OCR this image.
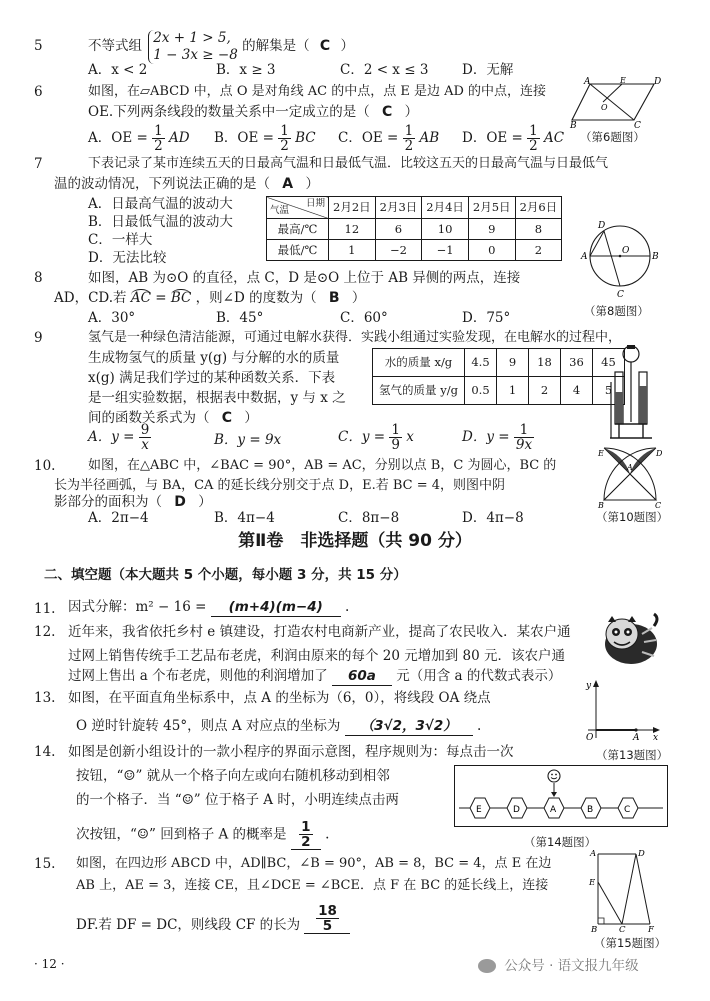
5	不等式组 2x + 1 > 5,
1 − 3x ≥ −8
的解集是（ C ）
A．x < 2	B．x ≥ 3	C．2 < x ≤ 3 D．无解
6	如图，在▱ABCD 中，点 O 是对角线 AC 的中点，点 E 是边 AD 的中点，连接
OE.下列两条线段的数量关系中一定成立的是（ C ）
A．OE = $\frac{1}{2}$ AD B．OE = $\frac{1}{2}$ BC C．OE = $\frac{1}{2}$ AB D．OE = $\frac{1}{2}$ AC
A	D
B	C
E
O
（第6题图）
7	下表记录了某市连续五天的日最高气温和日最低气温．比较这五天的日最高气温与日最低气
温的波动情况，下列说法正确的是（ A ）
A．日最高气温的波动大
B．日最低气温的波动大
C．一样大
D．无法比较
日期
气温	2月2日	2月3日	2月4日	2月5日	2月6日
最高/℃	12	6	10	9	8
最低/℃	1	−2	−1	0	2
D
A
O
B
C
8	如图，AB 为⊙O 的直径，点 C，D 是⊙O 上位于 AB 异侧的两点，连接
AD，CD.若 AC = BC ，则∠D 的度数为（ B ）
A．30°	B．45°	C．60°	D．75°	（第8题图）
9	氢气是一种绿色清洁能源，可通过电解水获得．实践小组通过实验发现，在电解水的过程中，
生成物氢气的质量 y(g) 与分解的水的质量
x(g) 满足我们学过的某种函数关系．下表
是一组实验数据，根据表中数据，y 与 x 之
间的函数关系式为（ C ）
水的质量 x/g	4.5	9	18	36	45
氢气的质量 y/g	0.5	1	2	4	5
A．$y = \frac{9}{x}$	B．y = 9x	C．$y = \frac{1}{9}$ x	D．$y = \frac{1}{9x}$
10.	如图，在△ABC 中，∠BAC = 90°，AB = AC，分别以点 B，C 为圆心，BC 的
长为半径画弧，与 BA，CA 的延长线分别交于点 D，E.若 BC = 4，则图中阴
影部分的面积为（ D ）
A．2π−4	B．4π−4	C．8π−8	D．4π−8
E	D
A
B	C
（第10题图）
第Ⅱ卷　非选择题（共 90 分）
二、填空题（本大题共 5 个小题，每小题 3 分，共 15 分）
11. 因式分解：m² − 16 = (m+4)(m−4) .
12. 近年来，我省依托乡村 e 镇建设，打造农村电商新产业，提高了农民收入．某农户通
过网上销售传统手工艺品布老虎，利润由原来的每个 20 元增加到 80 元．该农户通
过网上售出 a 个布老虎，则他的利润增加了 60a 元（用含 a 的代数式表示）
13. 如图，在平面直角坐标系中，点 A 的坐标为（6，0），将线段 OA 绕点
O 逆时针旋转 45°，则点 A 对应点的坐标为 （3√2，3√2） .
y
O	A x
（第13题图）
14. 如图是创新小组设计的一款小程序的界面示意图，程序规则为：每点击一次
按钮，“☺” 就从一个格子向左或向右随机移动到相邻
的一个格子．当 “☺” 位于格子 A 时，小明连续点击两
次按钮，“☺” 回到格子 A 的概率是 $\frac{1}{2}$ .
E	D	A	B	C
（第14题图）
15. 如图，在四边形 ABCD 中，AD∥BC，∠B = 90°，AB = 8，BC = 4，点 E 在边
AB 上，AE = 3，连接 CE，且∠DCE = ∠BCE．点 F 在 BC 的延长线上，连接
DF.若 DF = DC，则线段 CF 的长为 $\frac{18}{5}$
A	D
E
B	C	F
（第15题图）
· 12 ·	公众号 · 语文报九年级
